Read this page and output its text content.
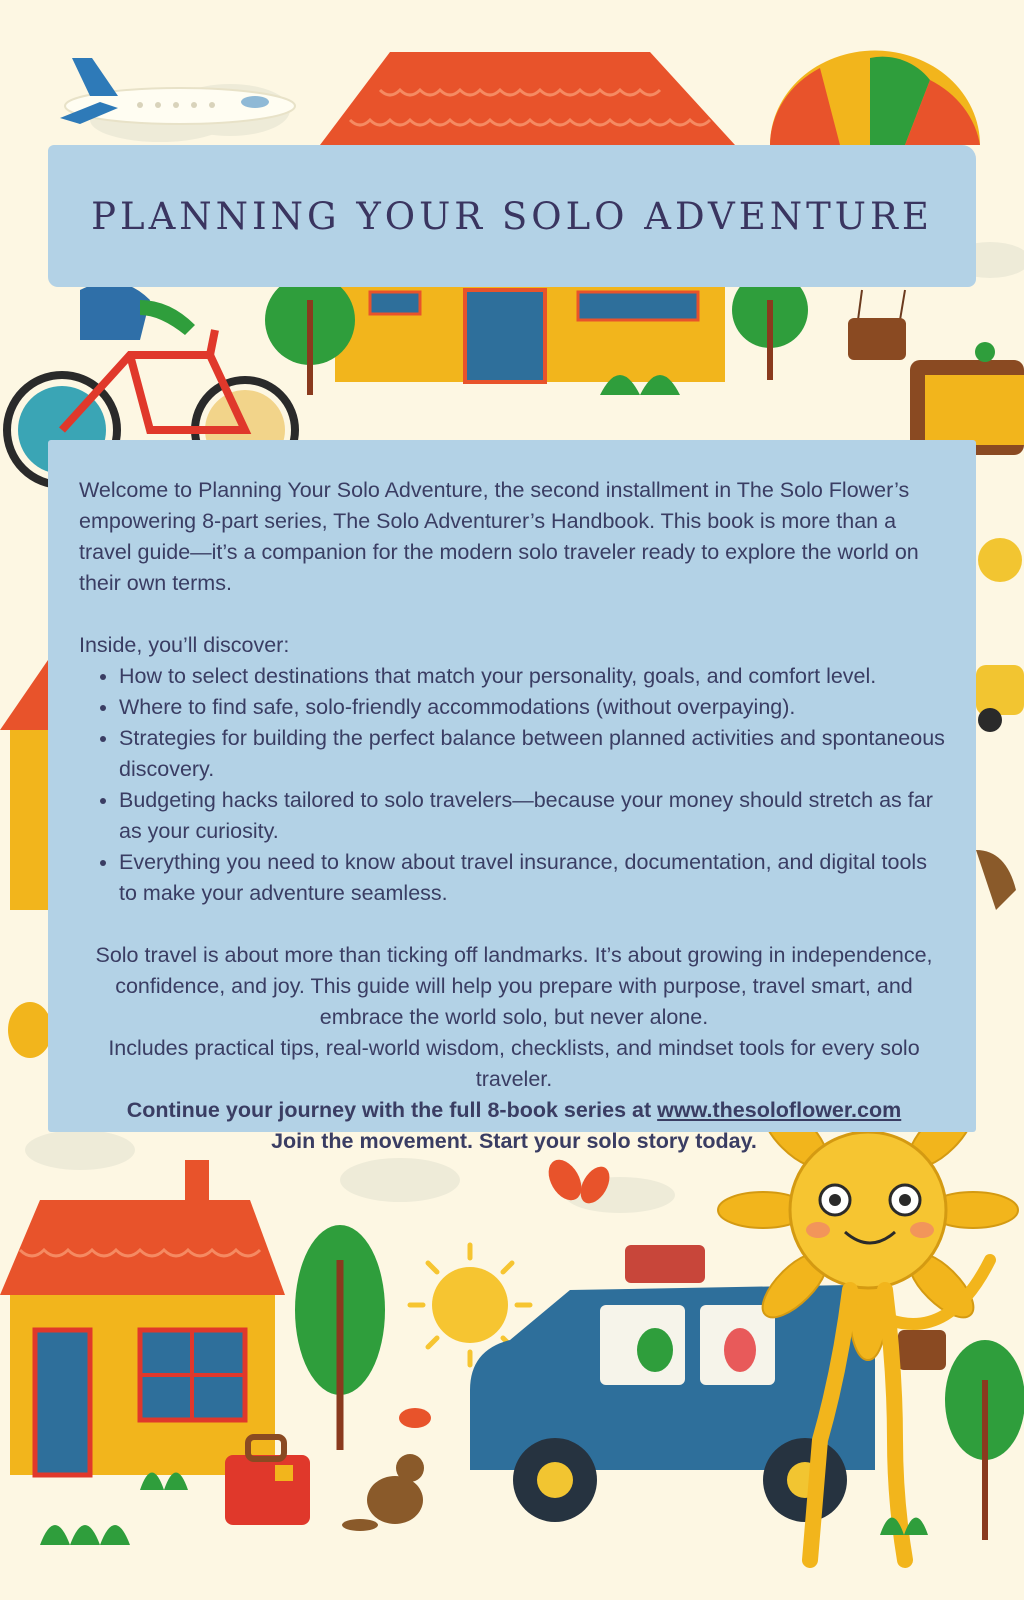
PLANNING YOUR SOLO ADVENTURE

Welcome to Planning Your Solo Adventure, the second installment in The Solo Flower’s empowering 8-part series, The Solo Adventurer’s Handbook. This book is more than a travel guide—it’s a companion for the modern solo traveler ready to explore the world on their own terms.

Inside, you’ll discover:

• How to select destinations that match your personality, goals, and comfort level.
• Where to find safe, solo-friendly accommodations (without overpaying).
• Strategies for building the perfect balance between planned activities and spontaneous discovery.
• Budgeting hacks tailored to solo travelers—because your money should stretch as far as your curiosity.
• Everything you need to know about travel insurance, documentation, and digital tools to make your adventure seamless.

Solo travel is about more than ticking off landmarks. It’s about growing in independence, confidence, and joy. This guide will help you prepare with purpose, travel smart, and embrace the world solo, but never alone.

Includes practical tips, real-world wisdom, checklists, and mindset tools for every solo traveler.

Continue your journey with the full 8-book series at www.thesoloflower.com

Join the movement. Start your solo story today.
